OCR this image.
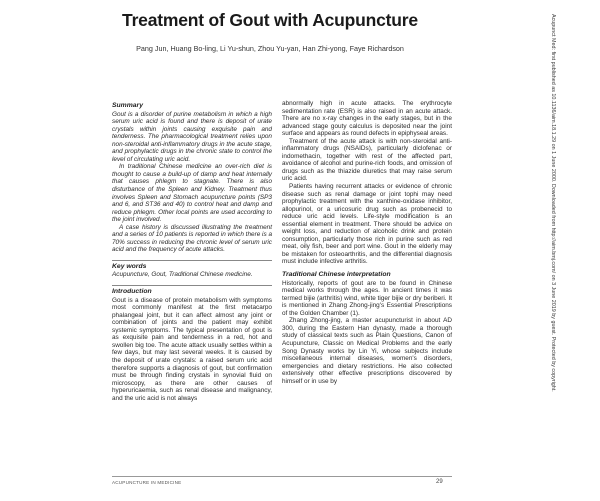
Treatment of Gout with Acupuncture
Pang Jun, Huang Bo-ling, Li Yu-shun, Zhou Yu-yan, Han Zhi-yong, Faye Richardson	Acupunct Med: first published as 10.1136/aim.18.1.29 on 1 June 2000. Downloaded from http://aim.bmj.com/ on 3 June 2019 by guest. Protected by copyright.
Summary

Gout is a disorder of purine metabolism in which a high serum uric acid is found and there is deposit of urate crystals within joints causing exquisite pain and tenderness. The pharmacological treatment relies upon non-steroidal anti-inflammatory drugs in the acute stage, and prophylactic drugs in the chronic state to control the level of circulating uric acid.

In traditional Chinese medicine an over-rich diet is thought to cause a build-up of damp and heat internally that causes phlegm to stagnate. There is also disturbance of the Spleen and Kidney. Treatment thus involves Spleen and Stomach acupuncture points (SP3 and 6, and ST36 and 40) to control heat and damp and reduce phlegm. Other local points are used according to the joint involved.

A case history is discussed illustrating the treatment and a series of 10 patients is reported in which there is a 70% success in reducing the chronic level of serum uric acid and the frequency of acute attacks.

Key words

Acupuncture, Gout, Traditional Chinese medicine.

Introduction

Gout is a disease of protein metabolism with symptoms most commonly manifest at the first metacarpo phalangeal joint, but it can affect almost any joint or combination of joints and the patient may exhibit systemic symptoms. The typical presentation of gout is as exquisite pain and tenderness in a red, hot and swollen big toe. The acute attack usually settles within a few days, but may last several weeks. It is caused by the deposit of urate crystals: a raised serum uric acid therefore supports a diagnosis of gout, but confirmation must be through finding crystals in synovial fluid on microscopy, as there are other causes of hyperuricaemia, such as renal disease and malignancy, and the uric acid is not always

abnormally high in acute attacks. The erythrocyte sedimentation rate (ESR) is also raised in an acute attack. There are no x-ray changes in the early stages, but in the advanced stage gouty calculus is deposited near the joint surface and appears as round defects in epiphyseal areas.

Treatment of the acute attack is with non-steroidal anti-inflammatory drugs (NSAIDs), particularly diclofenac or indomethacin, together with rest of the affected part, avoidance of alcohol and purine-rich foods, and omission of drugs such as the thiazide diuretics that may raise serum uric acid.

Patients having recurrent attacks or evidence of chronic disease such as renal damage or joint tophi may need prophylactic treatment with the xanthine-oxidase inhibitor, allopurinol, or a uricosuric drug such as probenecid to reduce uric acid levels. Life-style modification is an essential element in treatment. There should be advice on weight loss, and reduction of alcoholic drink and protein consumption, particularly those rich in purine such as red meat, oily fish, beer and port wine. Gout in the elderly may be mistaken for osteoarthritis, and the differential diagnosis must include infective arthritis.

Traditional Chinese interpretation

Historically, reports of gout are to be found in Chinese medical works through the ages. In ancient times it was termed bijie (arthritis) wind, white tiger bijie or dry beriberi. It is mentioned in Zhang Zhong-jing's Essential Prescriptions of the Golden Chamber (1).

Zhang Zhong-jing, a master acupuncturist in about AD 300, during the Eastern Han dynasty, made a thorough study of classical texts such as Plain Questions, Canon of Acupuncture, Classic on Medical Problems and the early Song Dynasty works by Lin Yi, whose subjects include miscellaneous internal diseases, women's disorders, emergencies and dietary restrictions. He also collected extensively other effective prescriptions discovered by himself or in use by

ACUPUNCTURE IN MEDICINE	29
